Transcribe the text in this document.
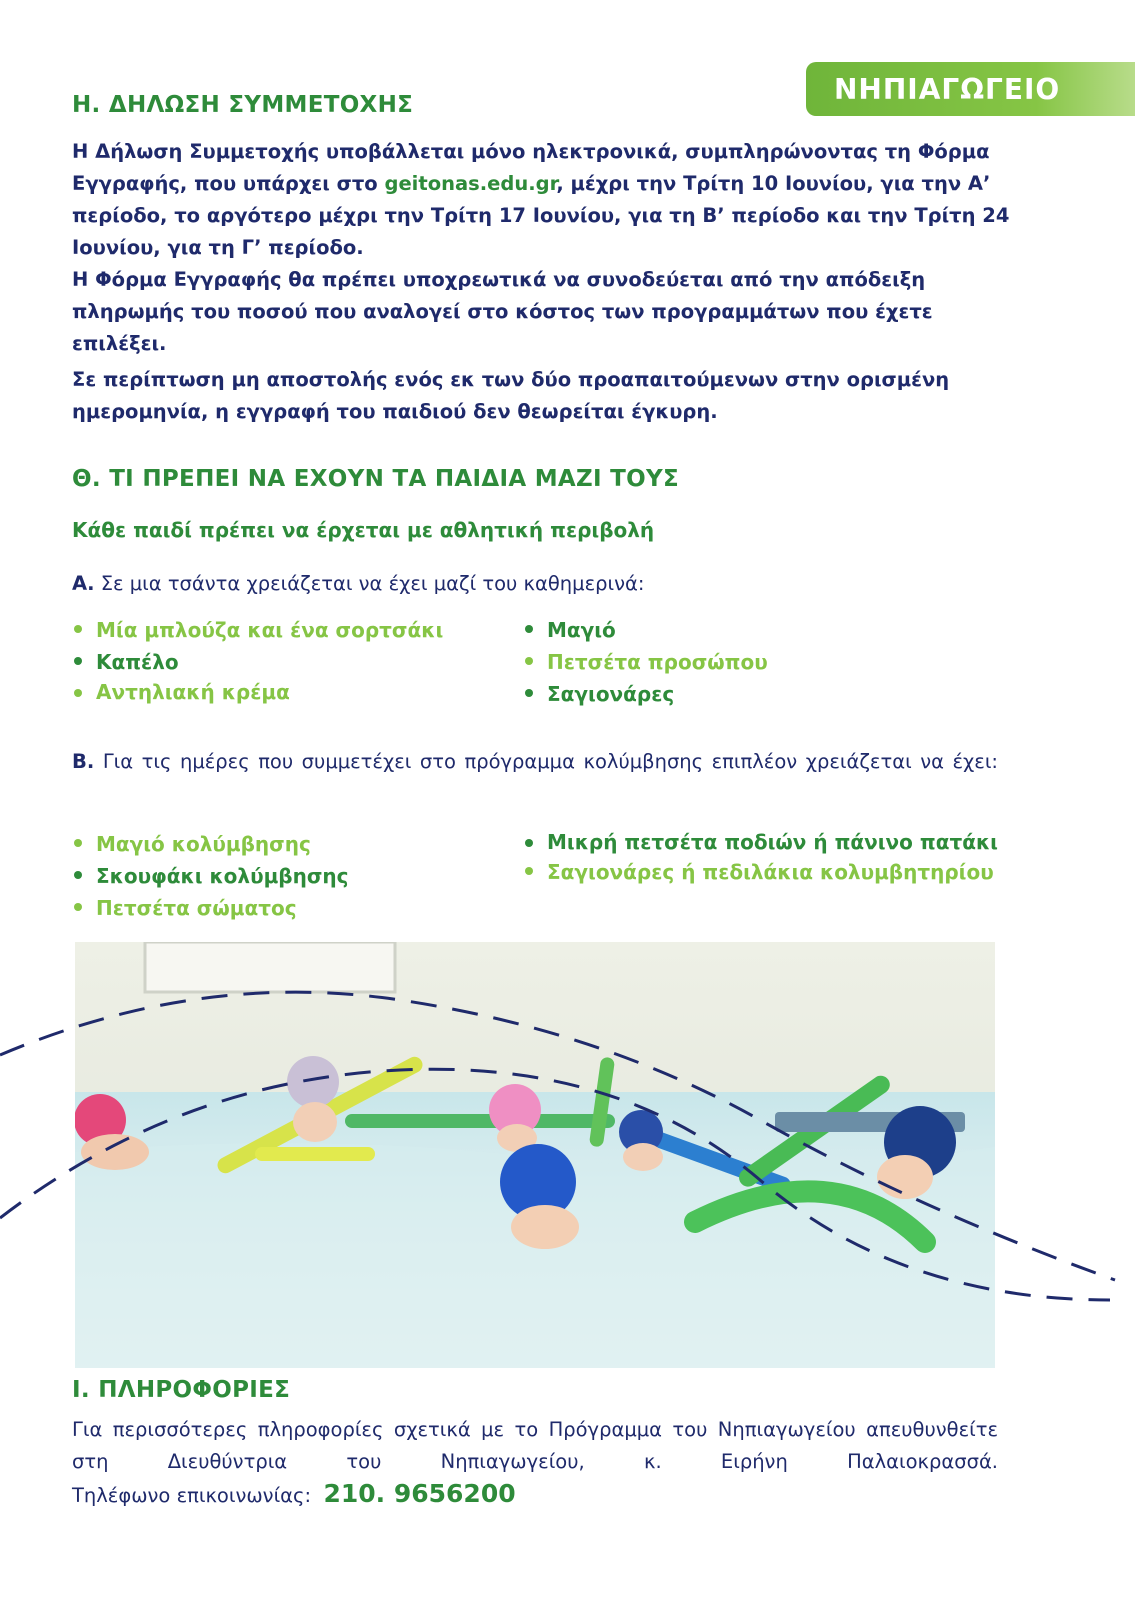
ΝΗΠΙΑΓΩΓΕΙΟ
Η. ΔΗΛΩΣΗ ΣΥΜΜΕΤΟΧΗΣ

Η Δήλωση Συμμετοχής υποβάλλεται μόνο ηλεκτρονικά, συμπληρώνοντας τη Φόρμα Εγγραφής, που υπάρχει στο geitonas.edu.gr, μέχρι την Τρίτη 10 Ιουνίου, για την Α’ περίοδο, το αργότερο μέχρι την Τρίτη 17 Ιουνίου, για τη Β’ περίοδο και την Τρίτη 24 Ιουνίου, για τη Γ’ περίοδο.

Η Φόρμα Εγγραφής θα πρέπει υποχρεωτικά να συνοδεύεται από την απόδειξη πληρωμής του ποσού που αναλογεί στο κόστος των προγραμμάτων που έχετε επιλέξει.

Σε περίπτωση μη αποστολής ενός εκ των δύο προαπαιτούμενων στην ορισμένη ημερομηνία, η εγγραφή του παιδιού δεν θεωρείται έγκυρη.

Θ. ΤΙ ΠΡΕΠΕΙ ΝΑ ΕΧΟΥΝ ΤΑ ΠΑΙΔΙΑ ΜΑΖΙ ΤΟΥΣ

Κάθε παιδί πρέπει να έρχεται με αθλητική περιβολή

Α. Σε μια τσάντα χρειάζεται να έχει μαζί του καθημερινά:

Μία μπλούζα και ένα σορτσάκι
Καπέλο
Αντηλιακή κρέμα
Μαγιό
Πετσέτα προσώπου
Σαγιονάρες

Β. Για τις ημέρες που συμμετέχει στο πρόγραμμα κολύμβησης επιπλέον χρειάζεται να έχει:

Μαγιό κολύμβησης
Σκουφάκι κολύμβησης
Πετσέτα σώματος
Μικρή πετσέτα ποδιών ή πάνινο πατάκι
Σαγιονάρες ή πεδιλάκια κολυμβητηρίου
Ι. ΠΛΗΡΟΦΟΡΙΕΣ

Για περισσότερες πληροφορίες σχετικά με το Πρόγραμμα του Νηπιαγωγείου απευθυνθείτε στη Διευθύντρια του Νηπιαγωγείου, κ. Ειρήνη Παλαιοκρασσά.

Τηλέφωνο επικοινωνίας: 210. 9656200
